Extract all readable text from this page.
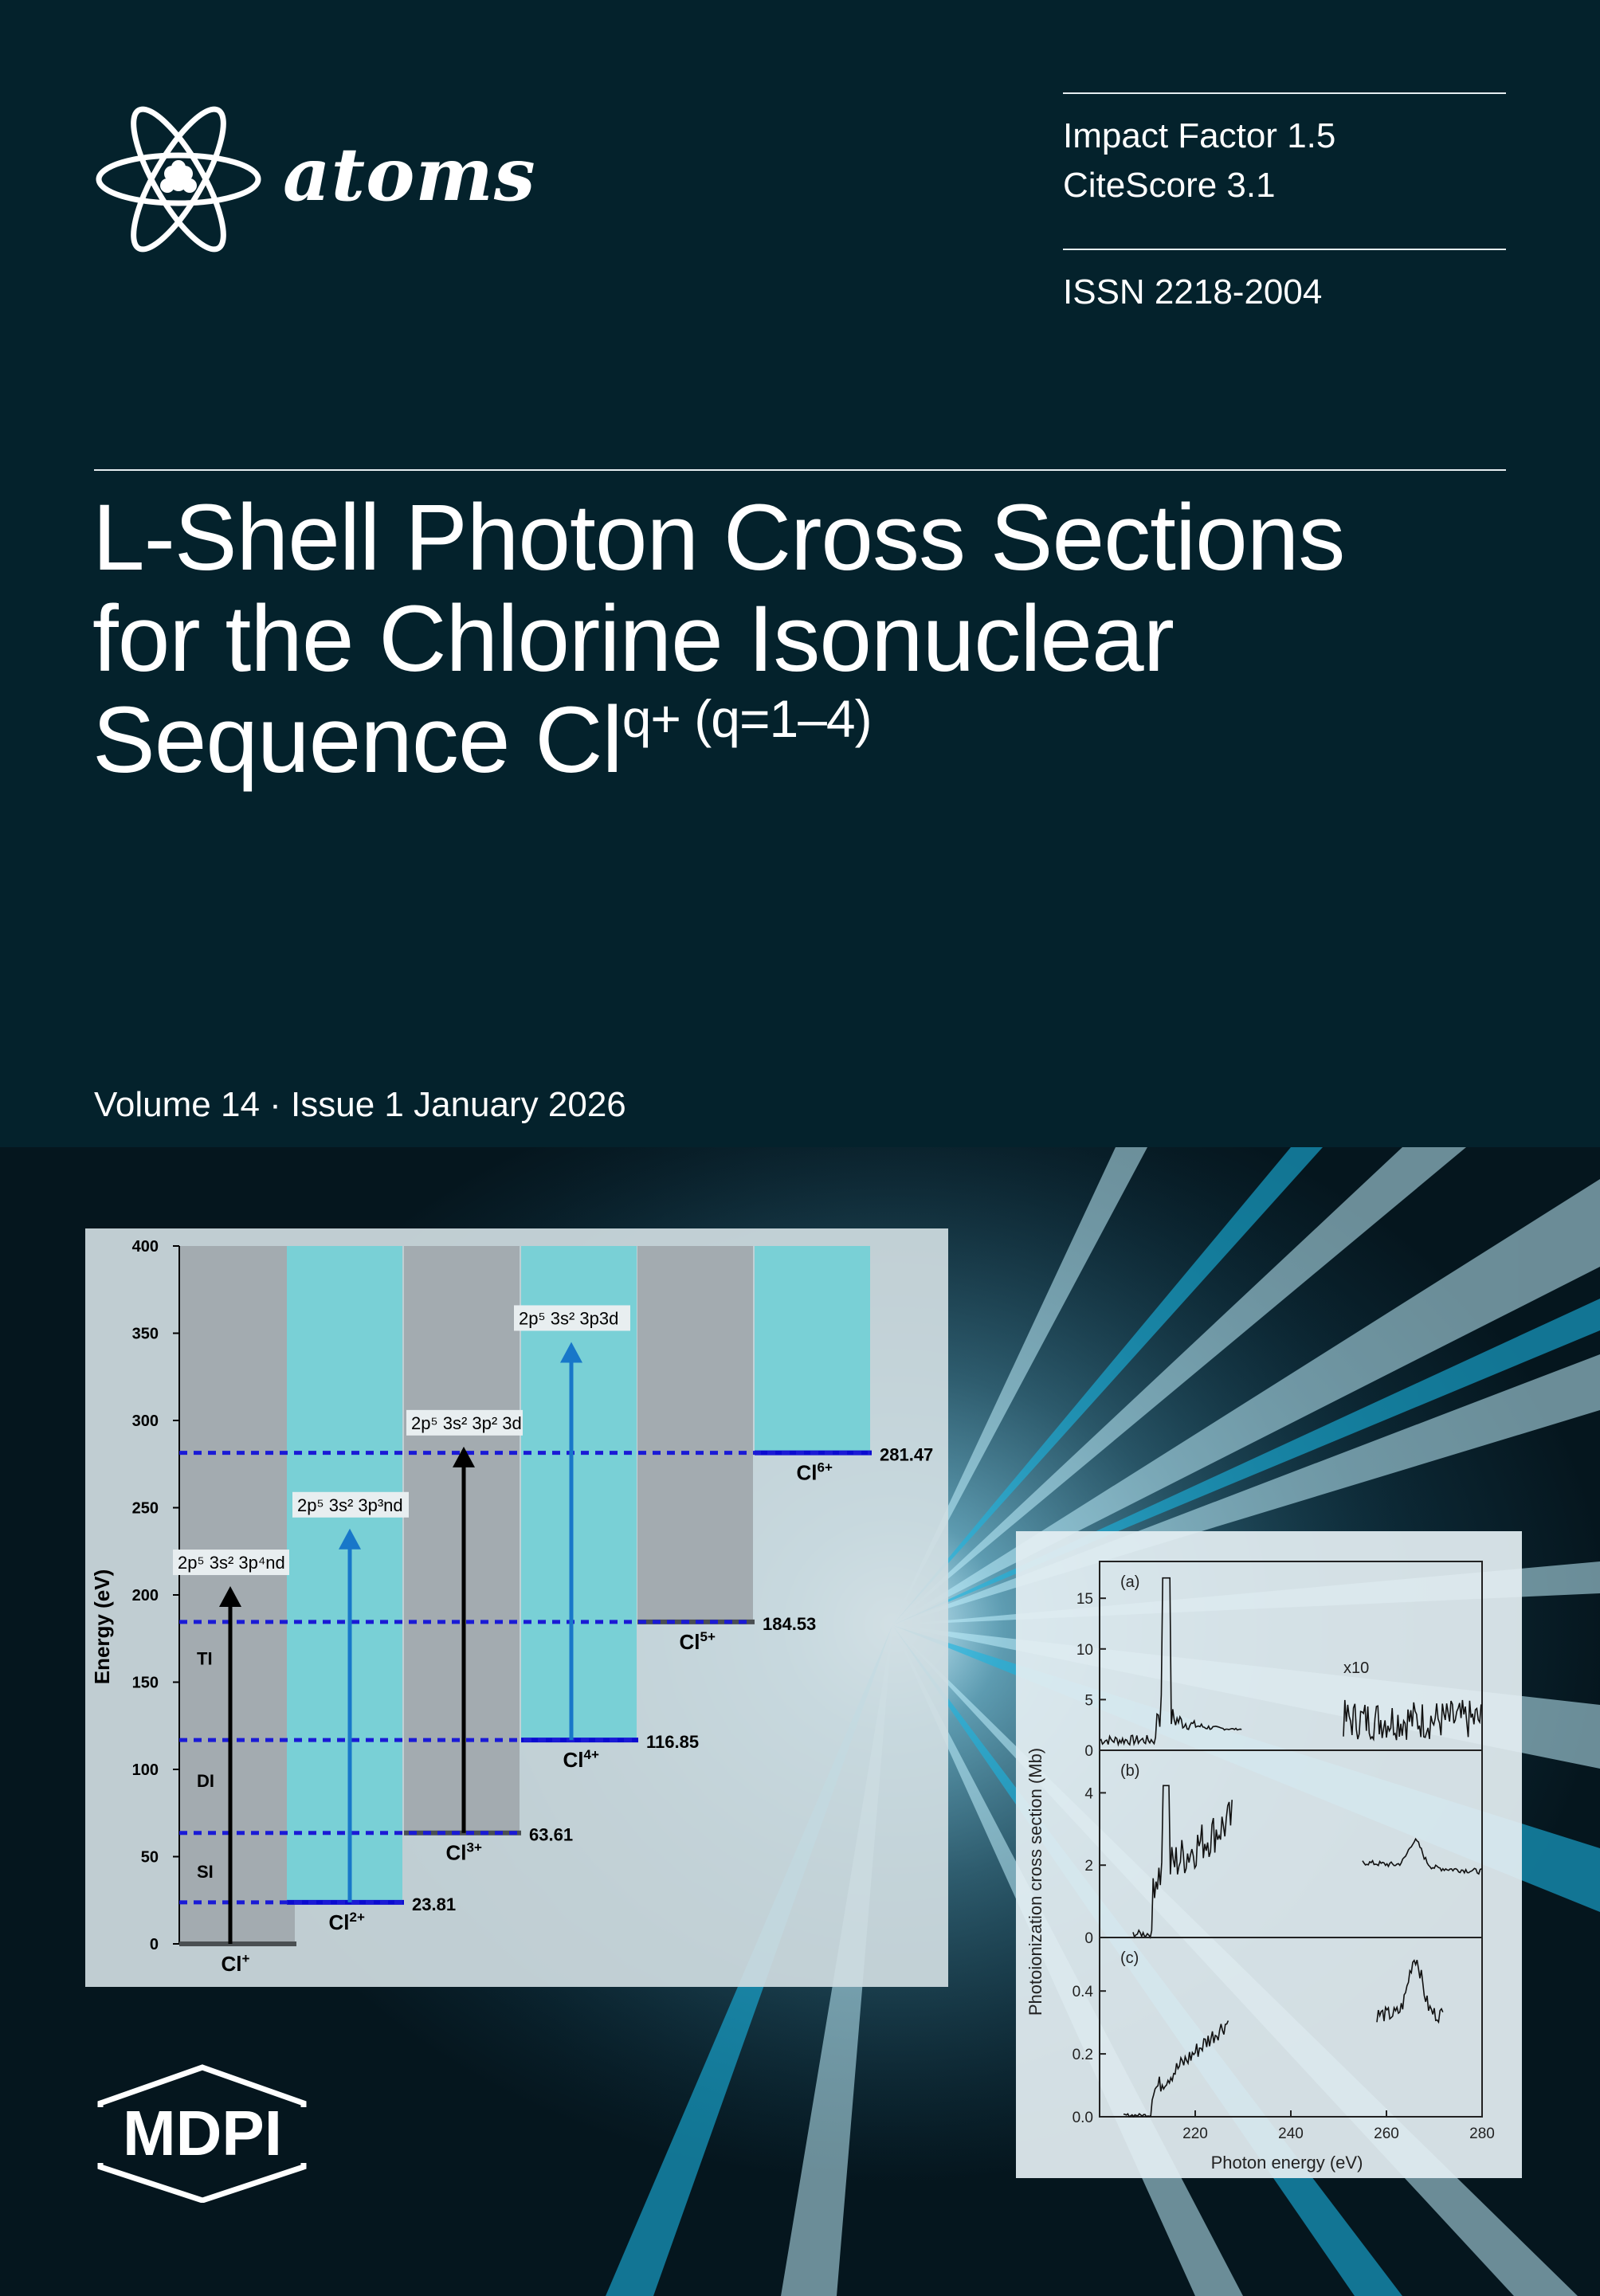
atoms	Impact Factor 1.5
CiteScore 3.1
ISSN 2218-2004
L-Shell Photon Cross Sections
for the Chlorine Isonuclear
Sequence $Cl^{q+ (q=1-4)}$
Volume 14 · Issue 1 January 2026
0
50
100
150
200
250
300
350
400
SI
DI
TI
Cl+
$Cl^{2+}$
23.81
$Cl^{3+}$
63.61
$Cl^{4+}$
116.85
$Cl^{5+}$
184.53
$Cl^{6+}$
281.47
2p⁵ 3s² 3p⁴nd
2p⁵ 3s² 3p³nd
2p⁵ 3s² 3p² 3d
2p⁵ 3s² 3p3d
Energy (eV)	(a)
x10
0
5
10
15
(b)
0
2
4
(c)
0.0
0.2
0.4
220	240	260	280
Photoionization cross section (Mb)
Photon energy (eV)
MDPI
